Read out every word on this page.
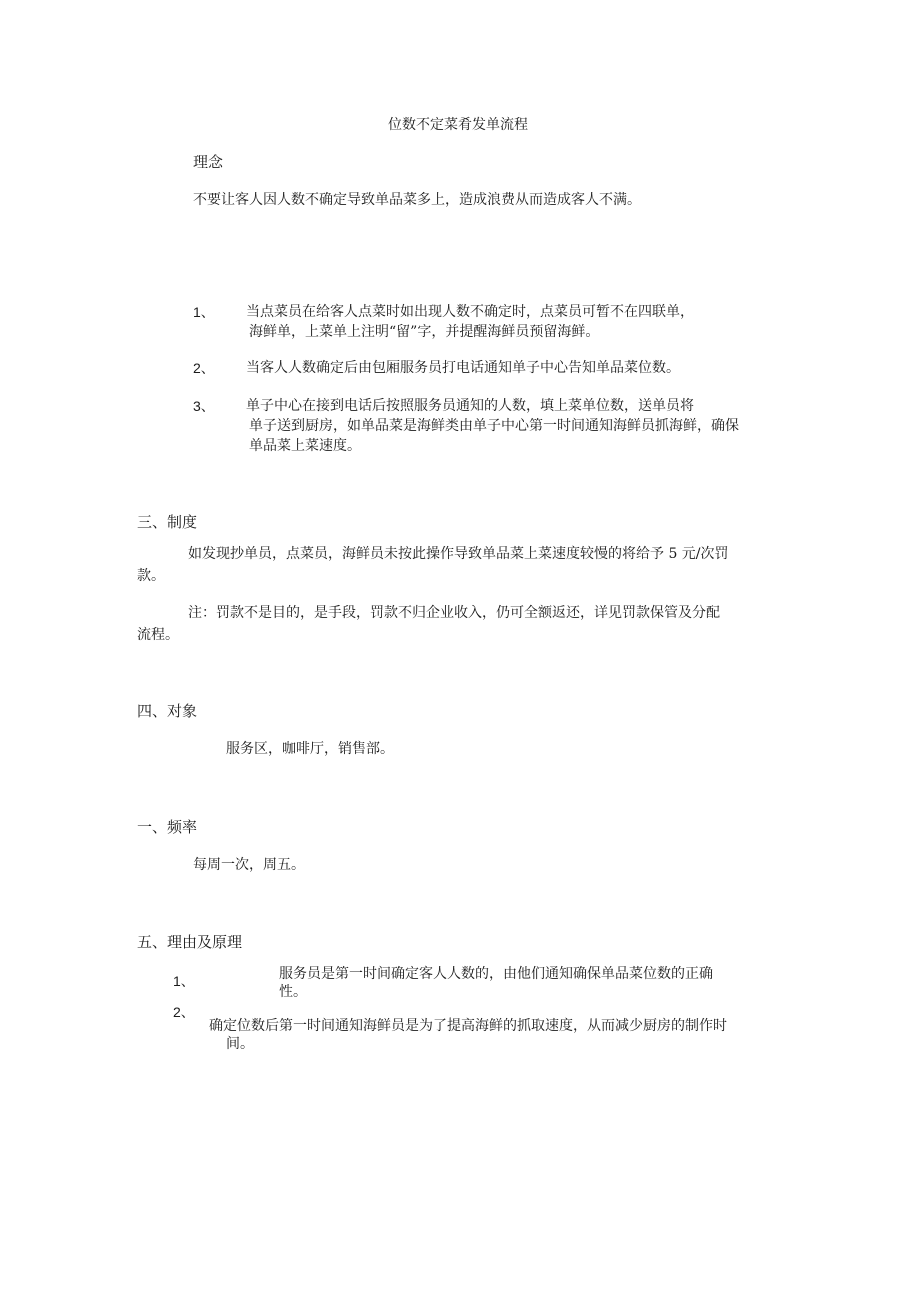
位数不定菜肴发单流程
理念
不要让客人因人数不确定导致单品菜多上，造成浪费从而造成客人不满。
1、 当点菜员在给客人点菜时如出现人数不确定时，点菜员可暂不在四联单，
海鲜单，上菜单上注明“留”字，并提醒海鲜员预留海鲜。
2、 当客人人数确定后由包厢服务员打电话通知单子中心告知单品菜位数。
3、 单子中心在接到电话后按照服务员通知的人数，填上菜单位数，送单员将
单子送到厨房，如单品菜是海鲜类由单子中心第一时间通知海鲜员抓海鲜，确保
单品菜上菜速度。
三、制度
如发现抄单员，点菜员，海鲜员未按此操作导致单品菜上菜速度较慢的将给予 5 元/次罚
款。
注：罚款不是目的，是手段，罚款不归企业收入，仍可全额返还，详见罚款保管及分配
流程。
四、对象
服务区，咖啡厅，销售部。
一、频率
每周一次，周五。
五、理由及原理
1、	服务员是第一时间确定客人人数的，由他们通知确保单品菜位数的正确
性。
2、
确定位数后第一时间通知海鲜员是为了提高海鲜的抓取速度，从而减少厨房的制作时
间。
